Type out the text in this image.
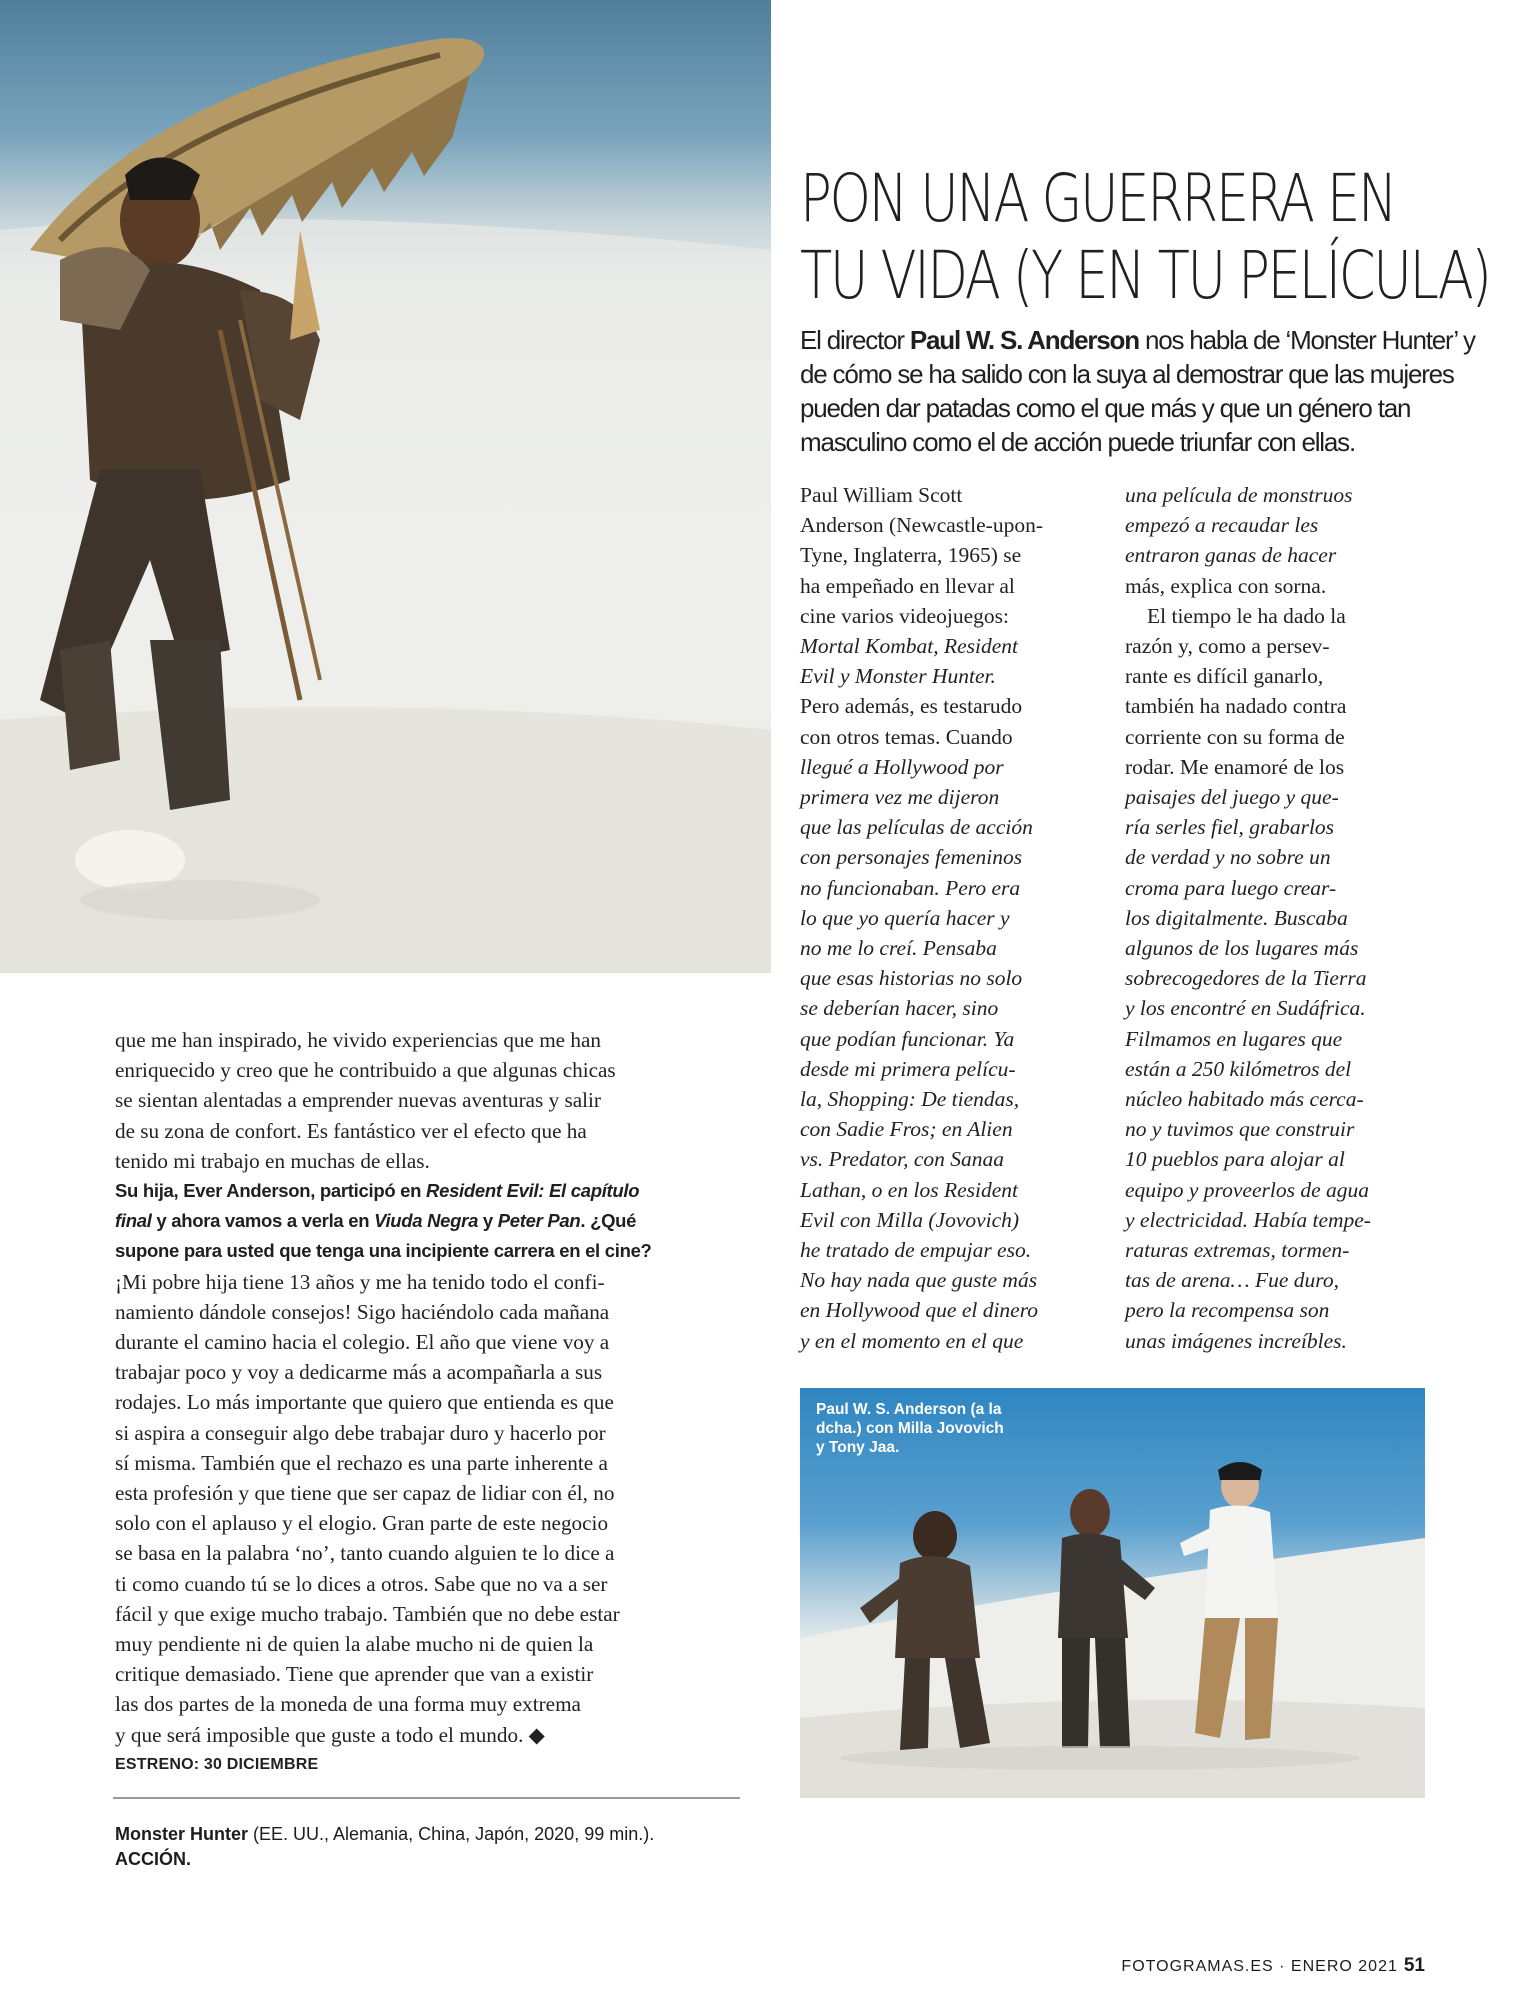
PON UNA GUERRERA EN
TU VIDA (Y EN TU PELÍCULA)
El director Paul W. S. Anderson nos habla de ‘Monster Hunter’ y de cómo se ha salido con la suya al demostrar que las mujeres pueden dar patadas como el que más y que un género tan masculino como el de acción puede triunfar con ellas.
Paul William Scott
Anderson (Newcastle-upon-
Tyne, Inglaterra, 1965) se
ha empeñado en llevar al
cine varios videojuegos:
Mortal Kombat, Resident
Evil y Monster Hunter.
Pero además, es testarudo
con otros temas. Cuando
llegué a Hollywood por
primera vez me dijeron
que las películas de acción
con personajes femeninos
no funcionaban. Pero era
lo que yo quería hacer y
no me lo creí. Pensaba
que esas historias no solo
se deberían hacer, sino
que podían funcionar. Ya
desde mi primera pelícu-
la, Shopping: De tiendas,
con Sadie Fros; en Alien
vs. Predator, con Sanaa
Lathan, o en los Resident
Evil con Milla (Jovovich)
he tratado de empujar eso.
No hay nada que guste más
en Hollywood que el dinero
y en el momento en el que
una película de monstruos
empezó a recaudar les
entraron ganas de hacer
más, explica con sorna.
El tiempo le ha dado la
razón y, como a persev-
rante es difícil ganarlo,
también ha nadado contra
corriente con su forma de
rodar. Me enamoré de los
paisajes del juego y que-
ría serles fiel, grabarlos
de verdad y no sobre un
croma para luego crear-
los digitalmente. Buscaba
algunos de los lugares más
sobrecogedores de la Tierra
y los encontré en Sudáfrica.
Filmamos en lugares que
están a 250 kilómetros del
núcleo habitado más cerca-
no y tuvimos que construir
10 pueblos para alojar al
equipo y proveerlos de agua
y electricidad. Había tempe-
raturas extremas, tormen-
tas de arena… Fue duro,
pero la recompensa son
unas imágenes increíbles.
que me han inspirado, he vivido experiencias que me han
enriquecido y creo que he contribuido a que algunas chicas
se sientan alentadas a emprender nuevas aventuras y salir
de su zona de confort. Es fantástico ver el efecto que ha
tenido mi trabajo en muchas de ellas.

Su hija, Ever Anderson, participó en Resident Evil: El capítulo
final y ahora vamos a verla en Viuda Negra y Peter Pan. ¿Qué
supone para usted que tenga una incipiente carrera en el cine?

¡Mi pobre hija tiene 13 años y me ha tenido todo el confi-
namiento dándole consejos! Sigo haciéndolo cada mañana
durante el camino hacia el colegio. El año que viene voy a
trabajar poco y voy a dedicarme más a acompañarla a sus
rodajes. Lo más importante que quiero que entienda es que
si aspira a conseguir algo debe trabajar duro y hacerlo por
sí misma. También que el rechazo es una parte inherente a
esta profesión y que tiene que ser capaz de lidiar con él, no
solo con el aplauso y el elogio. Gran parte de este negocio
se basa en la palabra ‘no’, tanto cuando alguien te lo dice a
ti como cuando tú se lo dices a otros. Sabe que no va a ser
fácil y que exige mucho trabajo. También que no debe estar
muy pendiente ni de quien la alabe mucho ni de quien la
critique demasiado. Tiene que aprender que van a existir
las dos partes de la moneda de una forma muy extrema
y que será imposible que guste a todo el mundo. ◆

ESTRENO: 30 DICIEMBRE

Monster Hunter (EE. UU., Alemania, China, Japón, 2020, 99 min.). ACCIÓN.
Paul W. S. Anderson (a la dcha.) con Milla Jovovich y Tony Jaa.
FOTOGRAMAS.ES · ENERO 2021 51
